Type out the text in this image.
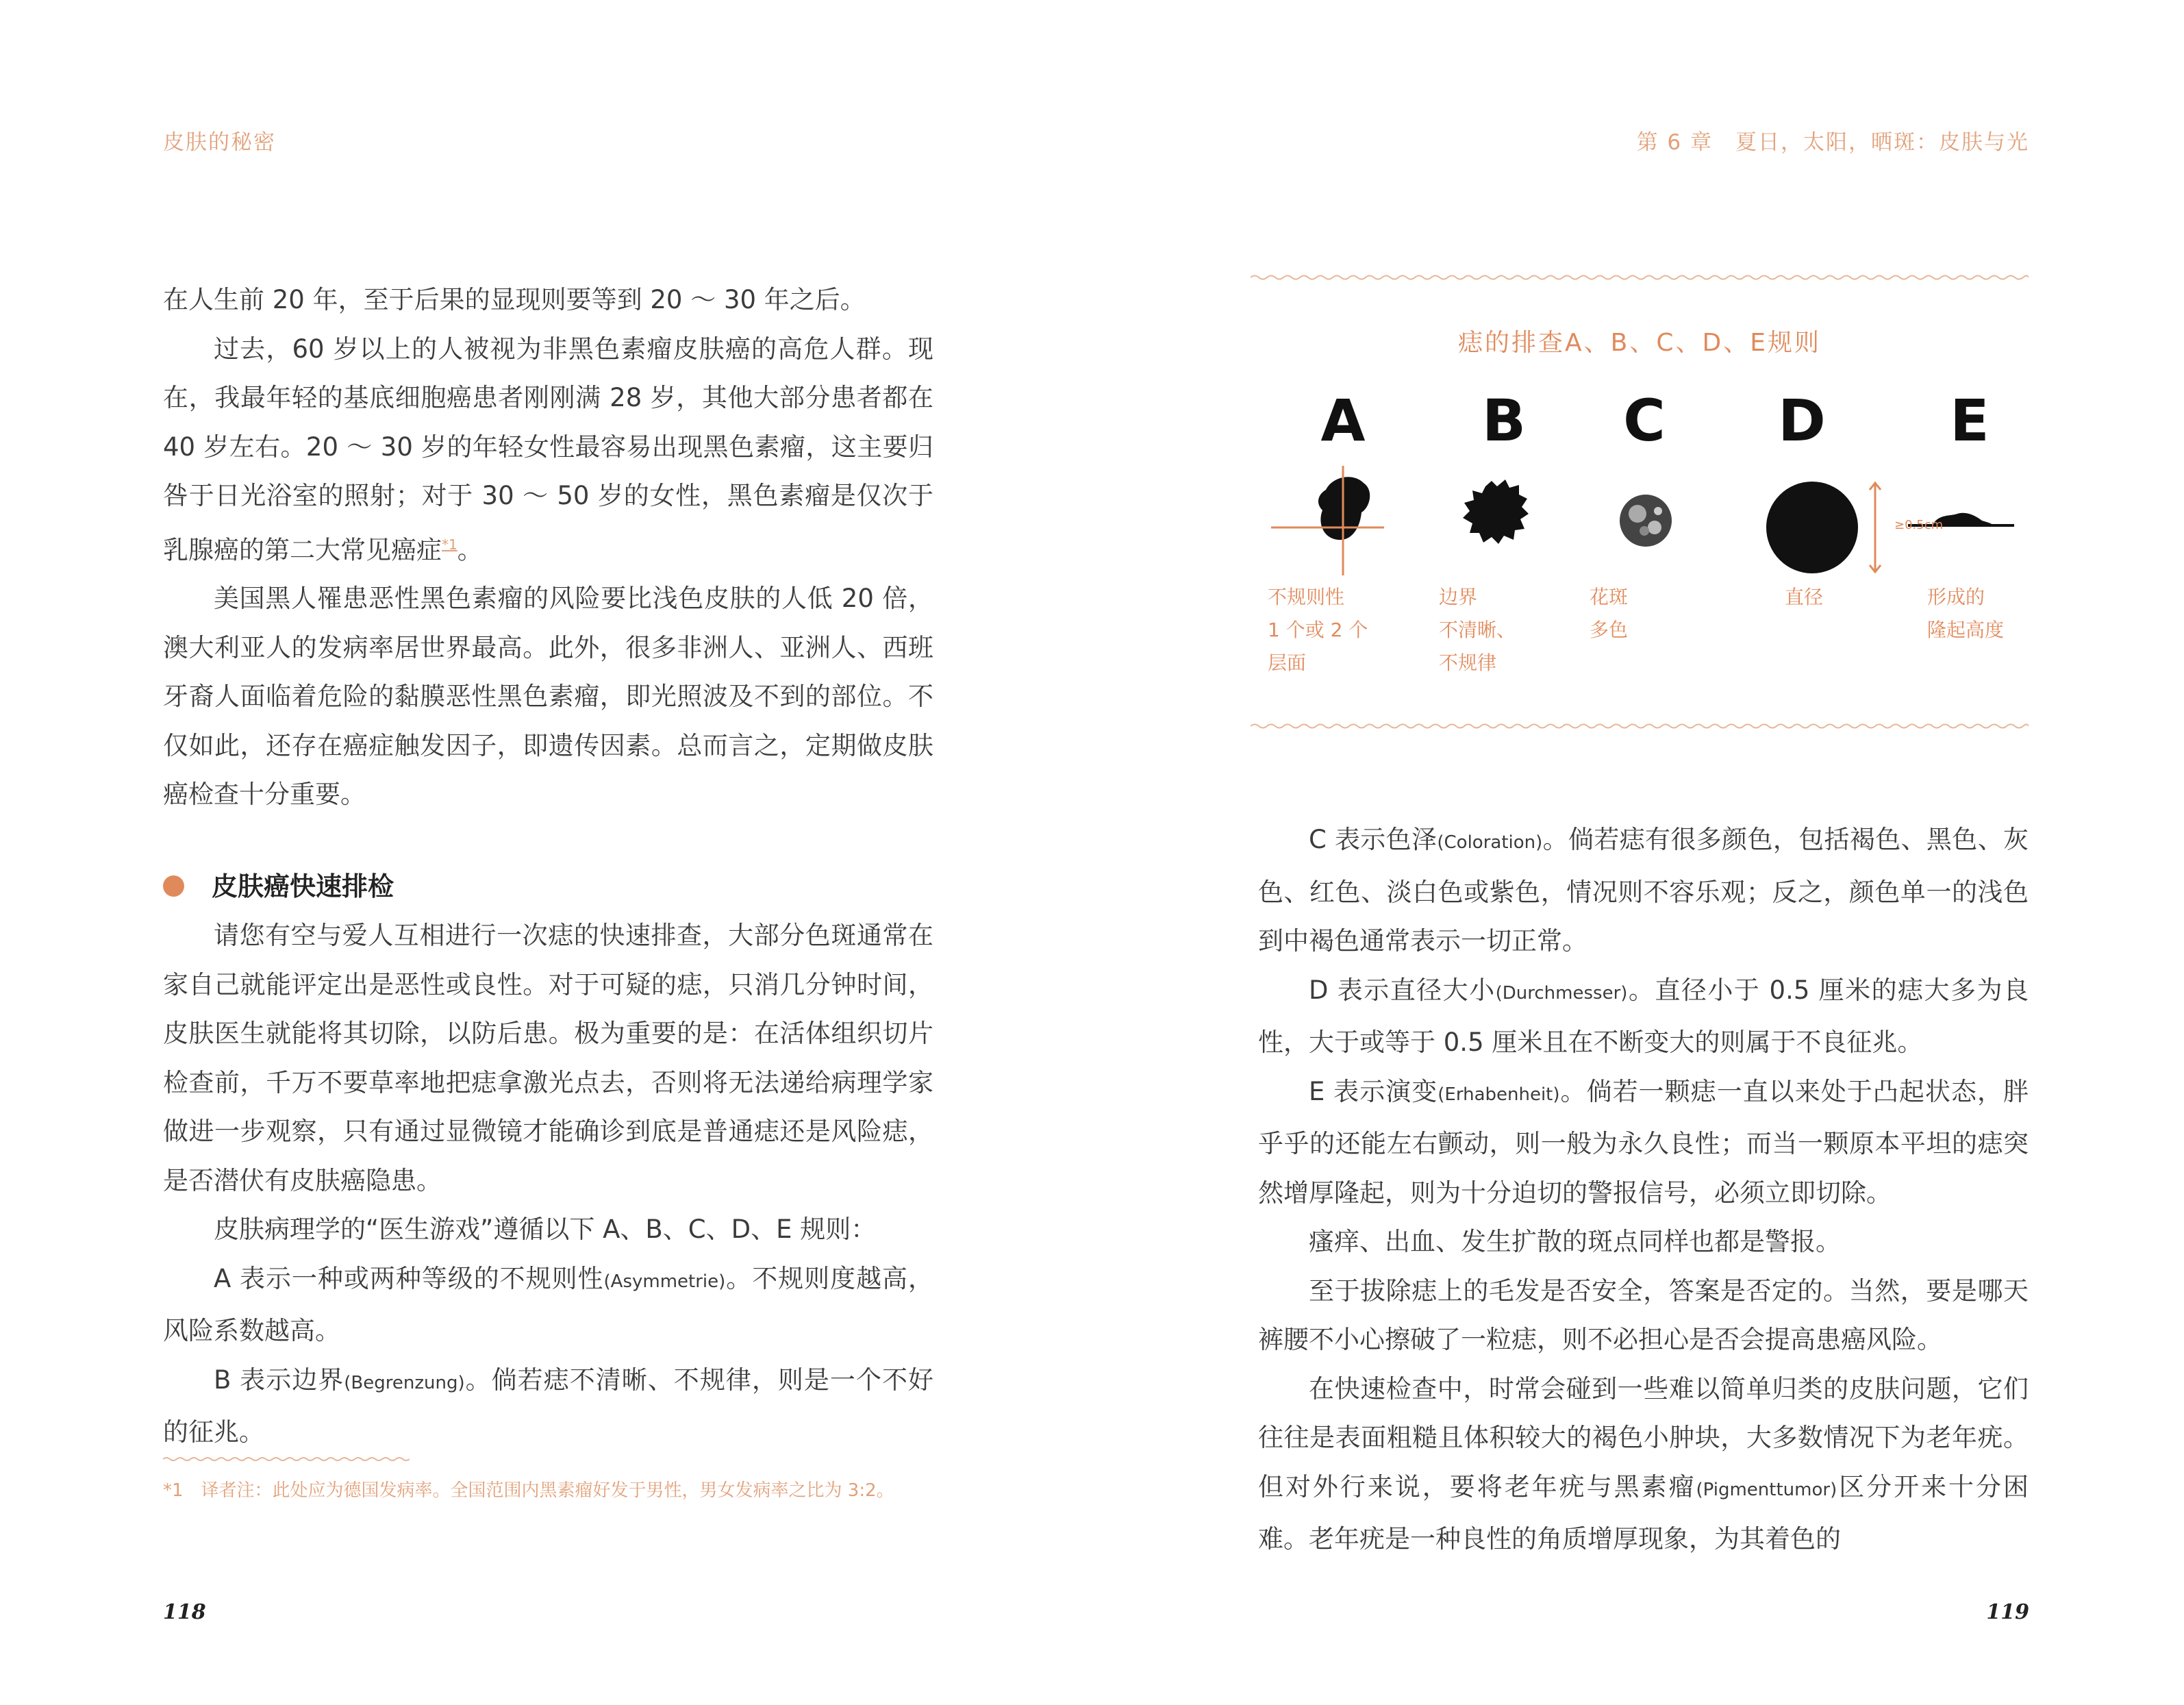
皮肤的秘密	第 6 章　夏日，太阳，晒斑：皮肤与光

在人生前 20 年，至于后果的显现则要等到 20 ～ 30 年之后。

过去，60 岁以上的人被视为非黑色素瘤皮肤癌的高危人群。现在，我最年轻的基底细胞癌患者刚刚满 28 岁，其他大部分患者都在 40 岁左右。20 ～ 30 岁的年轻女性最容易出现黑色素瘤，这主要归咎于日光浴室的照射；对于 30 ～ 50 岁的女性，黑色素瘤是仅次于乳腺癌的第二大常见癌症$^{*1}$。

美国黑人罹患恶性黑色素瘤的风险要比浅色皮肤的人低 20 倍，澳大利亚人的发病率居世界最高。此外，很多非洲人、亚洲人、西班牙裔人面临着危险的黏膜恶性黑色素瘤，即光照波及不到的部位。不仅如此，还存在癌症触发因子，即遗传因素。总而言之，定期做皮肤癌检查十分重要。

皮肤癌快速排检

请您有空与爱人互相进行一次痣的快速排查，大部分色斑通常在家自己就能评定出是恶性或良性。对于可疑的痣，只消几分钟时间，皮肤医生就能将其切除，以防后患。极为重要的是：在活体组织切片检查前，千万不要草率地把痣拿激光点去，否则将无法递给病理学家做进一步观察，只有通过显微镜才能确诊到底是普通痣还是风险痣，是否潜伏有皮肤癌隐患。

皮肤病理学的“医生游戏”遵循以下 A、B、C、D、E 规则：

A 表示一种或两种等级的不规则性(Asymmetrie)。不规则度越高，风险系数越高。

B 表示边界(Begrenzung)。倘若痣不清晰、不规律，则是一个不好的征兆。

*1　译者注：此处应为德国发病率。全国范围内黑素瘤好发于男性，男女发病率之比为 3:2。
118
痣的排查A、B、C、D、E规则
A B C D E
≥0.5cm
不规则性
1 个或 2 个
层面
边界
不清晰、
不规律
花斑
多色
直径	形成的
隆起高度

C 表示色泽(Coloration)。倘若痣有很多颜色，包括褐色、黑色、灰色、红色、淡白色或紫色，情况则不容乐观；反之，颜色单一的浅色到中褐色通常表示一切正常。

D 表示直径大小(Durchmesser)。直径小于 0.5 厘米的痣大多为良性，大于或等于 0.5 厘米且在不断变大的则属于不良征兆。

E 表示演变(Erhabenheit)。倘若一颗痣一直以来处于凸起状态，胖乎乎的还能左右颤动，则一般为永久良性；而当一颗原本平坦的痣突然增厚隆起，则为十分迫切的警报信号，必须立即切除。

瘙痒、出血、发生扩散的斑点同样也都是警报。

至于拔除痣上的毛发是否安全，答案是否定的。当然，要是哪天裤腰不小心擦破了一粒痣，则不必担心是否会提高患癌风险。

在快速检查中，时常会碰到一些难以简单归类的皮肤问题，它们往往是表面粗糙且体积较大的褐色小肿块，大多数情况下为老年疣。但对外行来说，要将老年疣与黑素瘤(Pigmenttumor)区分开来十分困难。老年疣是一种良性的角质增厚现象，为其着色的

119
